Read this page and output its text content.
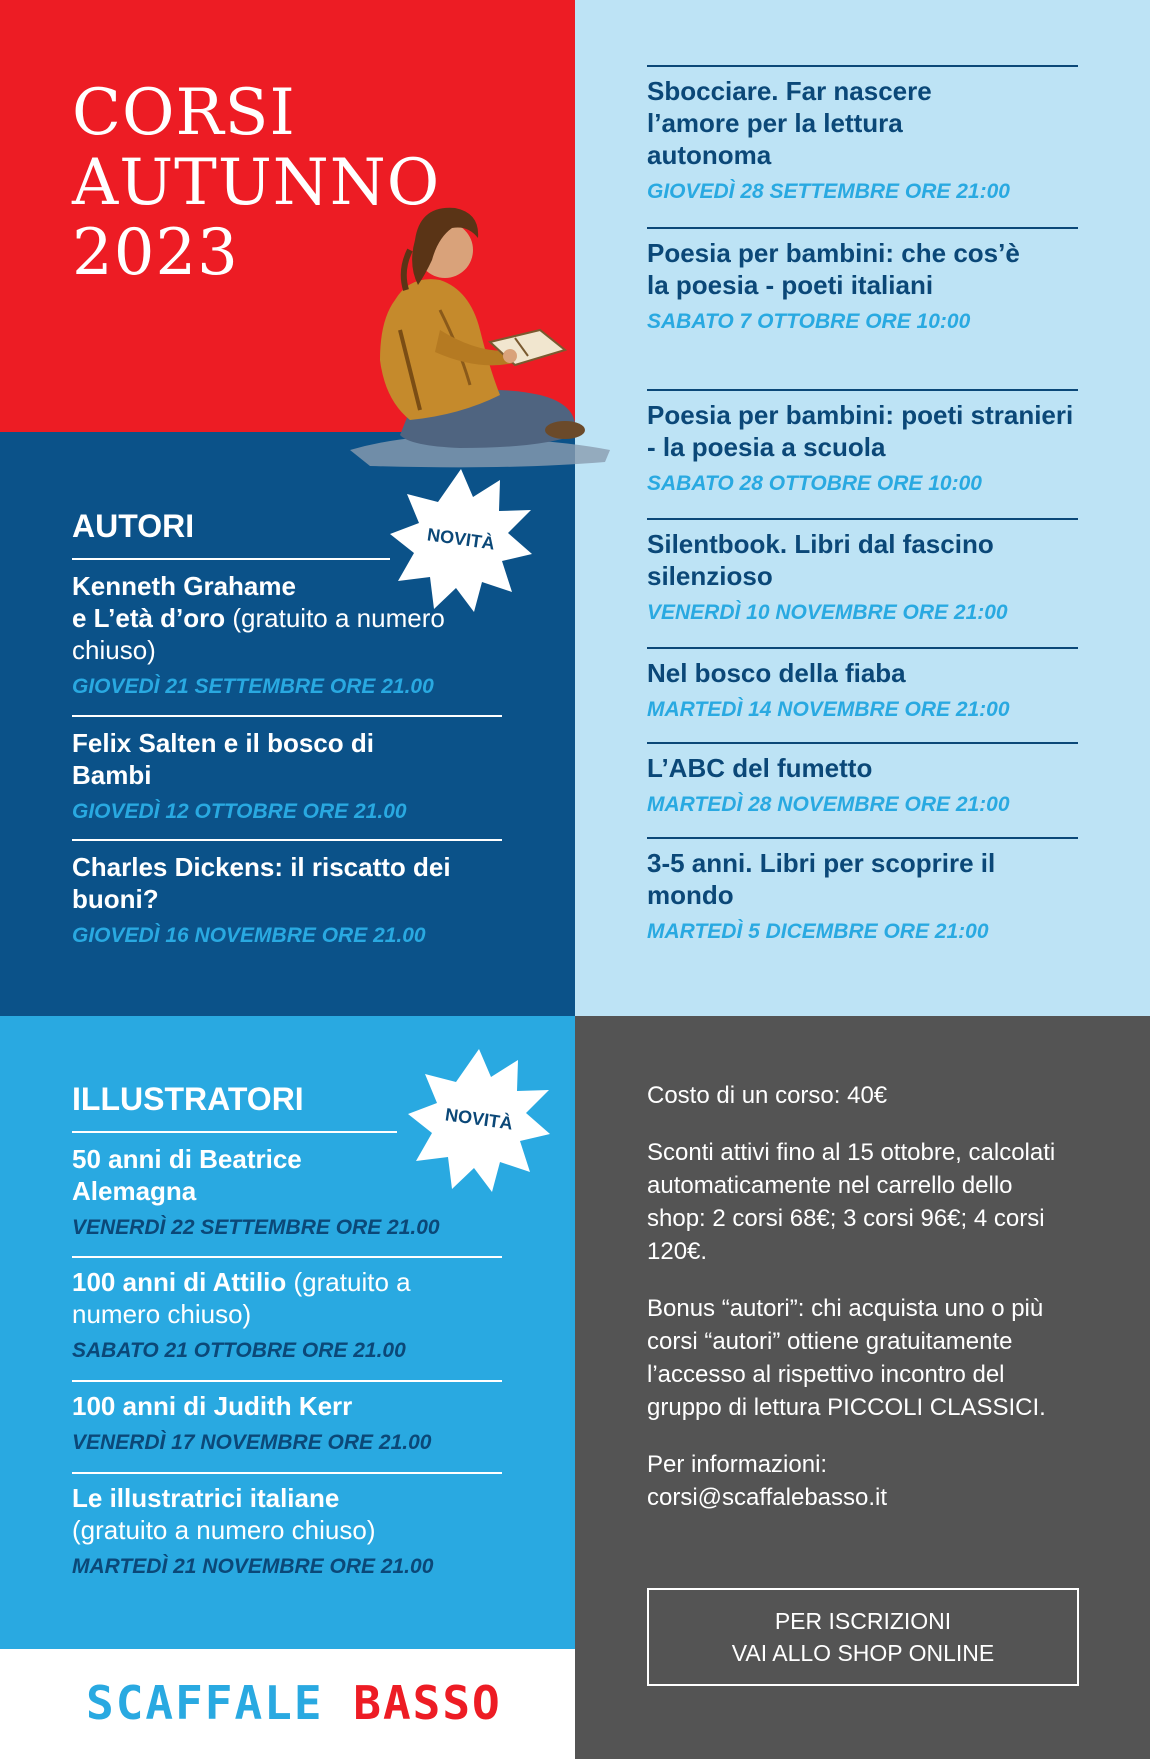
CORSI
AUTUNNO
2023
AUTORI	NOVITÀ
Kenneth Grahame
e L’età d’oro (gratuito a numero chiuso)
GIOVEDÌ 21 SETTEMBRE ORE 21.00
Felix Salten e il bosco di Bambi
GIOVEDÌ 12 OTTOBRE ORE 21.00
Charles Dickens: il riscatto dei buoni?
GIOVEDÌ 16 NOVEMBRE ORE 21.00
Sbocciare. Far nascere l’amore per la lettura autonoma
GIOVEDÌ 28 SETTEMBRE ORE 21:00
Poesia per bambini: che cos’è la poesia - poeti italiani
SABATO 7 OTTOBRE ORE 10:00
Poesia per bambini: poeti stranieri - la poesia a scuola
SABATO 28 OTTOBRE ORE 10:00
Silentbook. Libri dal fascino silenzioso
VENERDÌ 10 NOVEMBRE ORE 21:00
Nel bosco della fiaba
MARTEDÌ 14 NOVEMBRE ORE 21:00
L’ABC del fumetto
MARTEDÌ 28 NOVEMBRE ORE 21:00
3-5 anni. Libri per scoprire il mondo
MARTEDÌ 5 DICEMBRE ORE 21:00
ILLUSTRATORI
NOVITÀ
50 anni di Beatrice Alemagna
VENERDÌ 22 SETTEMBRE ORE 21.00
100 anni di Attilio (gratuito a numero chiuso)
SABATO 21 OTTOBRE ORE 21.00
100 anni di Judith Kerr
VENERDÌ 17 NOVEMBRE ORE 21.00
Le illustratrici italiane
(gratuito a numero chiuso)
MARTEDÌ 21 NOVEMBRE ORE 21.00

Costo di un corso: 40€

Sconti attivi fino al 15 ottobre, calcolati automaticamente nel carrello dello shop: 2 corsi 68€; 3 corsi 96€; 4 corsi 120€.

Bonus “autori”: chi acquista uno o più corsi “autori” ottiene gratuitamente l’accesso al rispettivo incontro del gruppo di lettura PICCOLI CLASSICI.

Per informazioni:

corsi@scaffalebasso.it

PER ISCRIZIONI
VAI ALLO SHOP ONLINE
SCAFFALE BASSO
